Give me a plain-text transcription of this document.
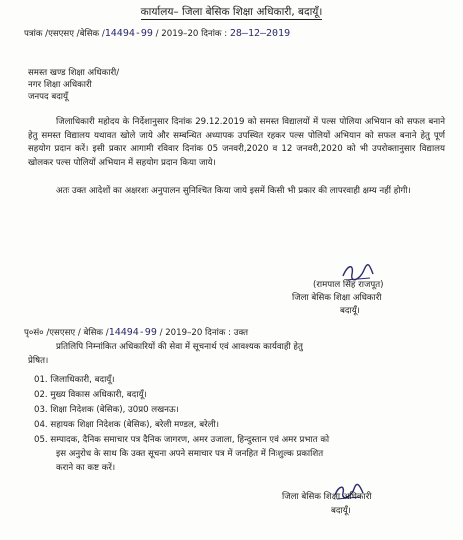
कार्यालय– जिला बेसिक शिक्षा अधिकारी, बदायूँ।
पत्रांक /एसएसए /बेसिक /14494-99 / 2019–20 दिनांक : 28–12–2019
समस्त खण्ड शिक्षा अधिकारी/
नगर शिक्षा अधिकारी
जनपद बदायूँ
जिलाधिकारी महोदय के निर्देशानुसार दिनांक 29.12.2019 को समस्त विद्यालयों में पल्स पोलिया अभियान को सफल बनाने हेतु समस्त विद्यालय यथावत खोले जाये और सम्बन्धित अध्यापक उपस्थित रहकर पल्स पोलियों अभियान को सफल बनाने हेतु पूर्ण सहयोग प्रदान करें। इसी प्रकार आगामी रविवार दिनांक 05 जनवरी,2020 व 12 जनवरी,2020 को भी उपरोक्तानुसार विद्यालय खोलकर पल्स पोलियों अभियान में सहयोग प्रदान किया जाये।
अतः उक्त आदेशों का अक्षरशः अनुपालन सुनिश्चित किया जाये इसमें किसी भी प्रकार की लापरवाही क्षम्य नहीं होगी।
(रामपाल सिंह राजपूत)
जिला बेसिक शिक्षा अधिकारी
बदायूँ।
पृ०सं० /एसएसए / बेसिक /14494-99 / 2019–20 दिनांक : उक्त
प्रतिलिपि निम्नांकित अधिकारियों की सेवा में सूचनार्थ एवं आवश्यक कार्यवाही हेतु
प्रेषित।
01. जिलाधिकारी, बदायूँ।
02. मुख्य विकास अधिकारी, बदायूँ।
03. शिक्षा निदेशक (बेसिक), उ0प्र0 लखनऊ।
04. सहायक शिक्षा निदेशक (बेसिक), बरेली मण्डल, बरेली।
05. सम्पादक, दैनिक समाचार पत्र दैनिक जागरण, अमर उजाला, हिन्दुस्तान एवं अमर प्रभात को
इस अनुरोध के साथ कि उक्त सूचना अपने समाचार पत्र में जनहित में निःशुल्क प्रकाशित
कराने का कष्ट करें।
जिला बेसिक शिक्षा अधिकारी
बदायूँ।
